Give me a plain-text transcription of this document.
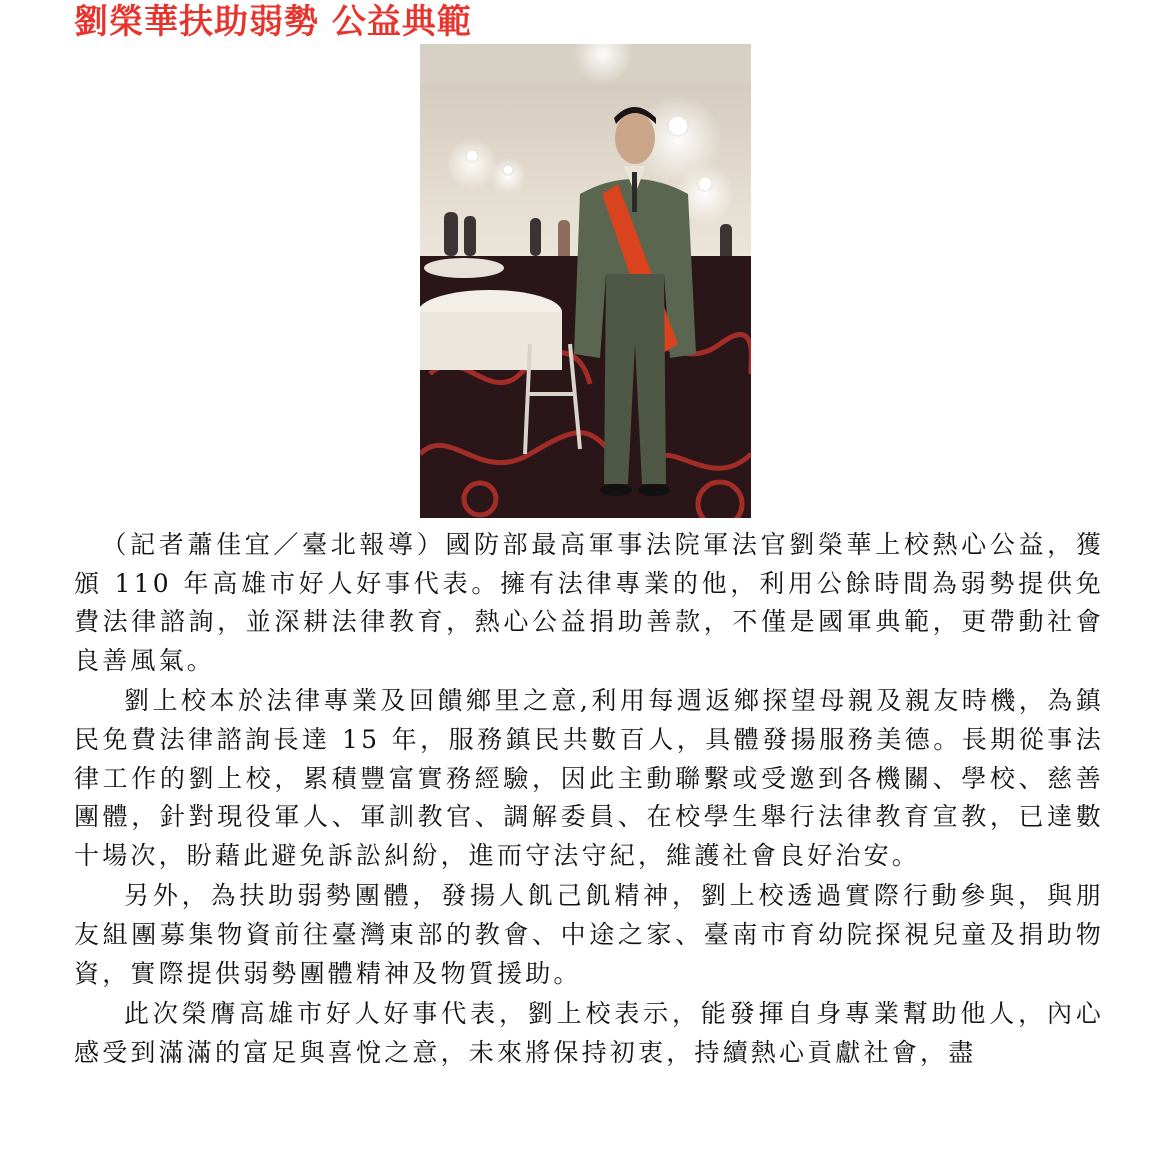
劉榮華扶助弱勢 公益典範

（記者蕭佳宜／臺北報導）國防部最高軍事法院軍法官劉榮華上校熱心公益，獲頒 110 年高雄市好人好事代表。擁有法律專業的他，利用公餘時間為弱勢提供免費法律諮詢，並深耕法律教育，熱心公益捐助善款，不僅是國軍典範，更帶動社會良善風氣。

劉上校本於法律專業及回饋鄉里之意,利用每週返鄉探望母親及親友時機，為鎮民免費法律諮詢長達 15 年，服務鎮民共數百人，具體發揚服務美德。長期從事法律工作的劉上校，累積豐富實務經驗，因此主動聯繫或受邀到各機關、學校、慈善團體，針對現役軍人、軍訓教官、調解委員、在校學生舉行法律教育宣教，已達數十場次，盼藉此避免訴訟糾紛，進而守法守紀，維護社會良好治安。

另外，為扶助弱勢團體，發揚人飢己飢精神，劉上校透過實際行動參與，與朋友組團募集物資前往臺灣東部的教會、中途之家、臺南市育幼院探視兒童及捐助物資，實際提供弱勢團體精神及物質援助。

此次榮膺高雄市好人好事代表，劉上校表示，能發揮自身專業幫助他人，內心感受到滿滿的富足與喜悅之意，未來將保持初衷，持續熱心貢獻社會，盡
